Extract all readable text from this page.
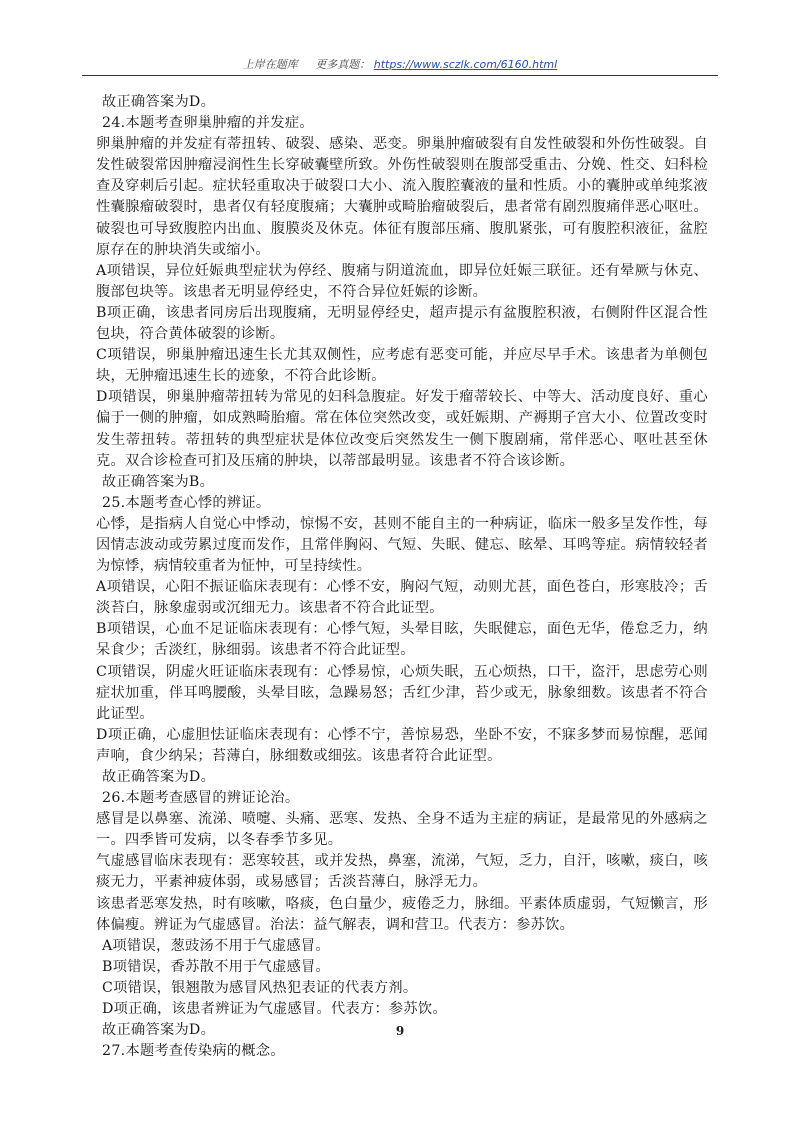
上岸在题库 更多真题： https://www.sczlk.com/6160.html

故正确答案为D。

24.本题考查卵巢肿瘤的并发症。

卵巢肿瘤的并发症有蒂扭转、破裂、感染、恶变。卵巢肿瘤破裂有自发性破裂和外伤性破裂。自发性破裂常因肿瘤浸润性生长穿破囊壁所致。外伤性破裂则在腹部受重击、分娩、性交、妇科检查及穿刺后引起。症状轻重取决于破裂口大小、流入腹腔囊液的量和性质。小的囊肿或单纯浆液性囊腺瘤破裂时，患者仅有轻度腹痛；大囊肿或畸胎瘤破裂后，患者常有剧烈腹痛伴恶心呕吐。破裂也可导致腹腔内出血、腹膜炎及休克。体征有腹部压痛、腹肌紧张，可有腹腔积液征，盆腔原存在的肿块消失或缩小。

A项错误，异位妊娠典型症状为停经、腹痛与阴道流血，即异位妊娠三联征。还有晕厥与休克、腹部包块等。该患者无明显停经史，不符合异位妊娠的诊断。

B项正确，该患者同房后出现腹痛，无明显停经史，超声提示有盆腹腔积液，右侧附件区混合性包块，符合黄体破裂的诊断。

C项错误，卵巢肿瘤迅速生长尤其双侧性，应考虑有恶变可能，并应尽早手术。该患者为单侧包块，无肿瘤迅速生长的迹象，不符合此诊断。

D项错误，卵巢肿瘤蒂扭转为常见的妇科急腹症。好发于瘤蒂较长、中等大、活动度良好、重心偏于一侧的肿瘤，如成熟畸胎瘤。常在体位突然改变，或妊娠期、产褥期子宫大小、位置改变时发生蒂扭转。蒂扭转的典型症状是体位改变后突然发生一侧下腹剧痛，常伴恶心、呕吐甚至休克。双合诊检查可扪及压痛的肿块，以蒂部最明显。该患者不符合该诊断。

故正确答案为B。

25.本题考查心悸的辨证。

心悸，是指病人自觉心中悸动，惊惕不安，甚则不能自主的一种病证，临床一般多呈发作性，每因情志波动或劳累过度而发作，且常伴胸闷、气短、失眠、健忘、眩晕、耳鸣等症。病情较轻者为惊悸，病情较重者为怔忡，可呈持续性。

A项错误，心阳不振证临床表现有：心悸不安，胸闷气短，动则尤甚，面色苍白，形寒肢冷；舌淡苔白，脉象虚弱或沉细无力。该患者不符合此证型。

B项错误，心血不足证临床表现有：心悸气短，头晕目眩，失眠健忘，面色无华，倦怠乏力，纳呆食少；舌淡红，脉细弱。该患者不符合此证型。

C项错误，阴虚火旺证临床表现有：心悸易惊，心烦失眠，五心烦热，口干，盗汗，思虑劳心则症状加重，伴耳鸣腰酸，头晕目眩，急躁易怒；舌红少津，苔少或无，脉象细数。该患者不符合此证型。

D项正确，心虚胆怯证临床表现有：心悸不宁，善惊易恐，坐卧不安，不寐多梦而易惊醒，恶闻声响，食少纳呆；苔薄白，脉细数或细弦。该患者符合此证型。

故正确答案为D。

26.本题考查感冒的辨证论治。

感冒是以鼻塞、流涕、喷嚏、头痛、恶寒、发热、全身不适为主症的病证，是最常见的外感病之一。四季皆可发病，以冬春季节多见。

气虚感冒临床表现有：恶寒较甚，或并发热，鼻塞，流涕，气短，乏力，自汗，咳嗽，痰白，咳痰无力，平素神疲体弱，或易感冒；舌淡苔薄白，脉浮无力。

该患者恶寒发热，时有咳嗽，咯痰，色白量少，疲倦乏力，脉细。平素体质虚弱，气短懒言，形体偏瘦。辨证为气虚感冒。治法：益气解表，调和营卫。代表方：参苏饮。

A项错误，葱豉汤不用于气虚感冒。

B项错误，香苏散不用于气虚感冒。

C项错误，银翘散为感冒风热犯表证的代表方剂。

D项正确，该患者辨证为气虚感冒。代表方：参苏饮。

故正确答案为D。

27.本题考查传染病的概念。

9
